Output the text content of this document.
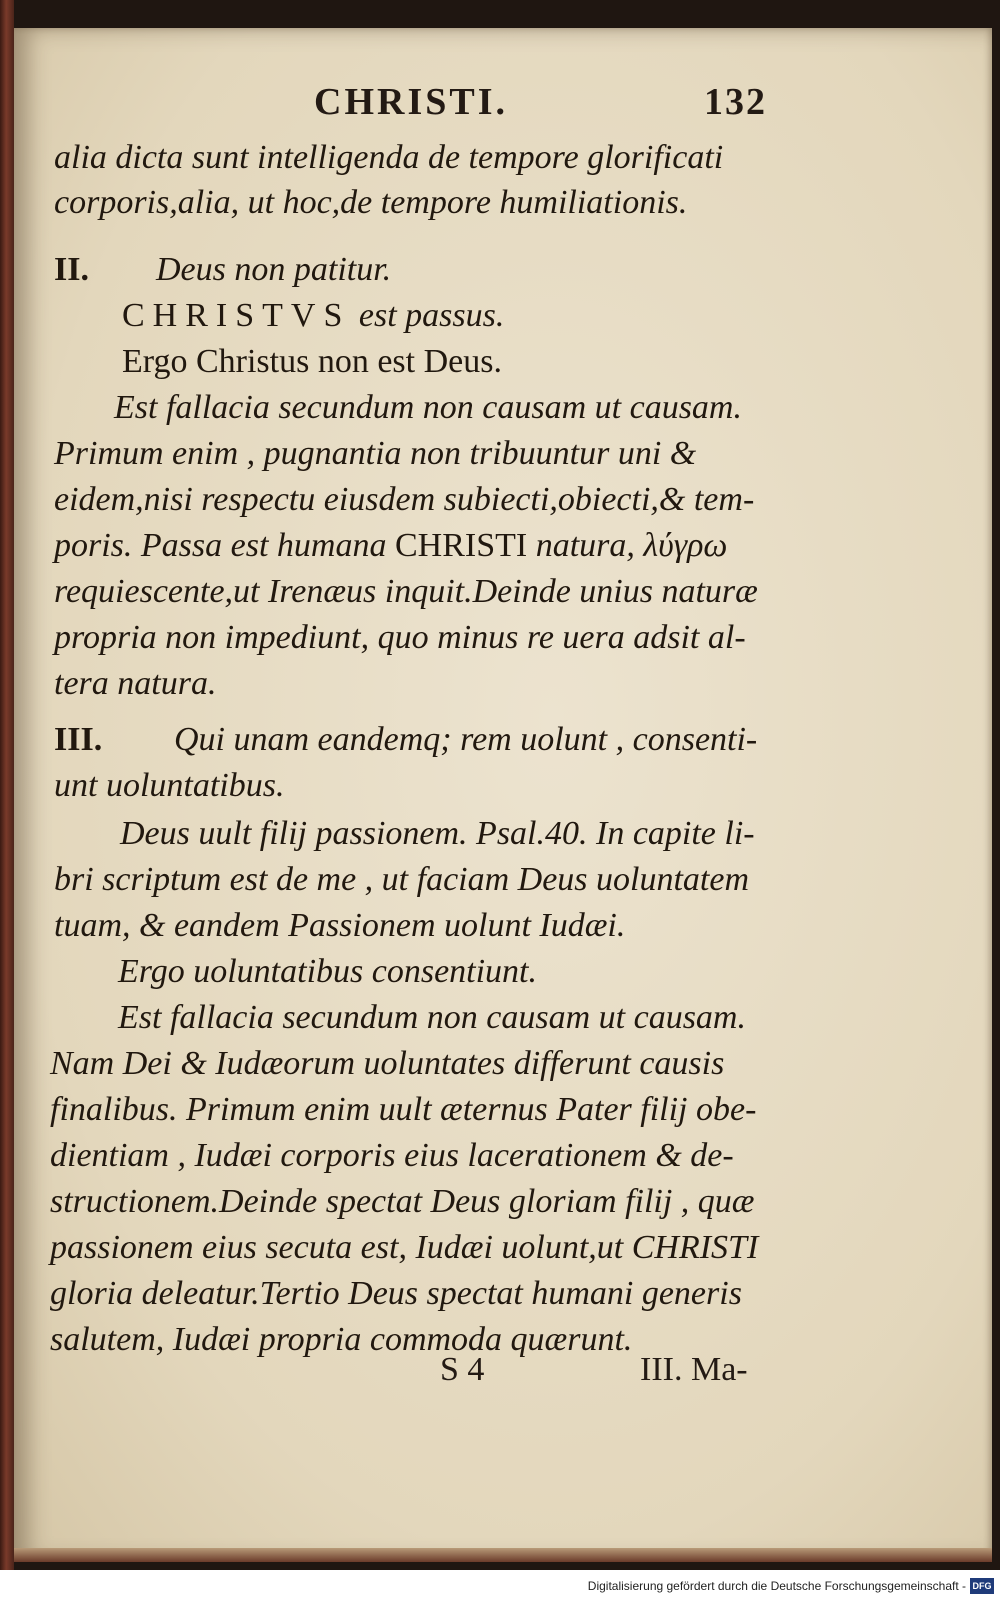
CHRISTI.	132
alia dicta sunt intelligenda de tempore glorificati
corporis,alia, ut hoc,de tempore humiliationis.
II. Deus non patitur.
CHRISTVS est passus.
Ergo Christus non est Deus.
Est fallacia secundum non causam ut causam.
Primum enim , pugnantia non tribuuntur uni &
eidem,nisi respectu eiusdem subiecti,obiecti,& tem-
poris. Passa est humana CHRISTI natura, λύγρω
requiescente,ut Irenæus inquit.Deinde unius naturæ
propria non impediunt, quo minus re uera adsit al-
tera natura.
III. Qui unam eandemq; rem uolunt , consenti-
unt uoluntatibus.
Deus uult filij passionem. Psal.40. In capite li-
bri scriptum est de me , ut faciam Deus uoluntatem
tuam, & eandem Passionem uolunt Iudæi.
Ergo uoluntatibus consentiunt.
Est fallacia secundum non causam ut causam.
Nam Dei & Iudæorum uoluntates differunt causis
finalibus. Primum enim uult æternus Pater filij obe-
dientiam , Iudæi corporis eius lacerationem & de-
structionem.Deinde spectat Deus gloriam filij , quæ
passionem eius secuta est, Iudæi uolunt,ut CHRISTI
gloria deleatur.Tertio Deus spectat humani generis
salutem, Iudæi propria commoda quærunt.
S 4	III. Ma-
Digitalisierung gefördert durch die Deutsche Forschungsgemeinschaft - DFG
